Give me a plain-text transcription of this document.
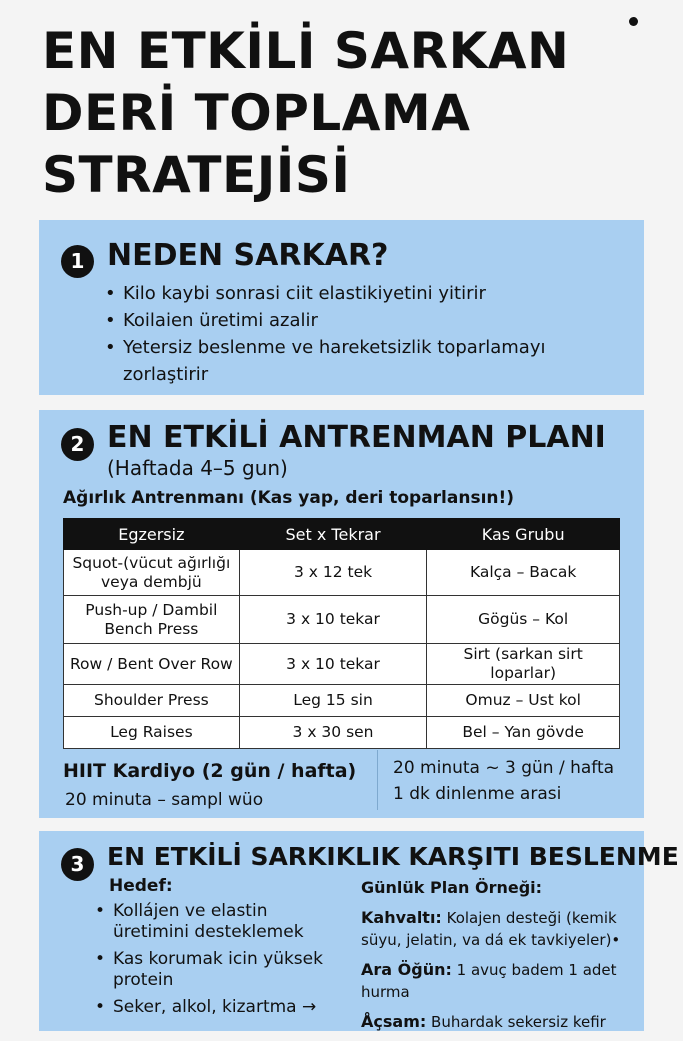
EN ETKİLİ SARKAN
DERİ TOPLAMA
STRATEJİSİ
1 NEDEN SARKAR?
• Kilo kaybi sonrasi ciit elastikiyetini yitirir
• Koilaien üretimi azalir
• Yetersiz beslenme ve hareketsizlik toparlamayı zorlaştirir
2 EN ETKİLİ ANTRENMAN PLANI
(Haftada 4–5 gun)
Ağırlık Antrenmanı (Kas yap, deri toparlansın!)
Egzersiz	Set x Tekrar	Kas Grubu
Squot-(vücut ağırlığı veya dembjü	3 x 12 tek	Kalça – Bacak
Push-up / Dambil Bench Press	3 x 10 tekar	Gögüs – Kol
Row / Bent Over Row	3 x 10 tekar	Sirt (sarkan sirt loparlar)
Shoulder Press	Leg 15 sin	Omuz – Ust kol
Leg Raises	3 x 30 sen	Bel – Yan gövde
HIIT Kardiyo (2 gün / hafta)
20 minuta – sampl wüo
20 minuta ~ 3 gün / hafta
1 dk dinlenme arasi
3 EN ETKİLİ SARKIKLIK KARŞITI BESLENME
Hedef:
• Kollájen ve elastin üretimini desteklemek
• Kas korumak icin yüksek protein
• Seker, alkol, kizartma →

Günlük Plan Örneği:

Kahvaltı: Kolajen desteği (kemik süyu, jelatin, va dá ek tavkiyeler)•

Ara Öğün: 1 avuç badem 1 adet hurma

Åçsam: Buhardak sekersiz kefir
